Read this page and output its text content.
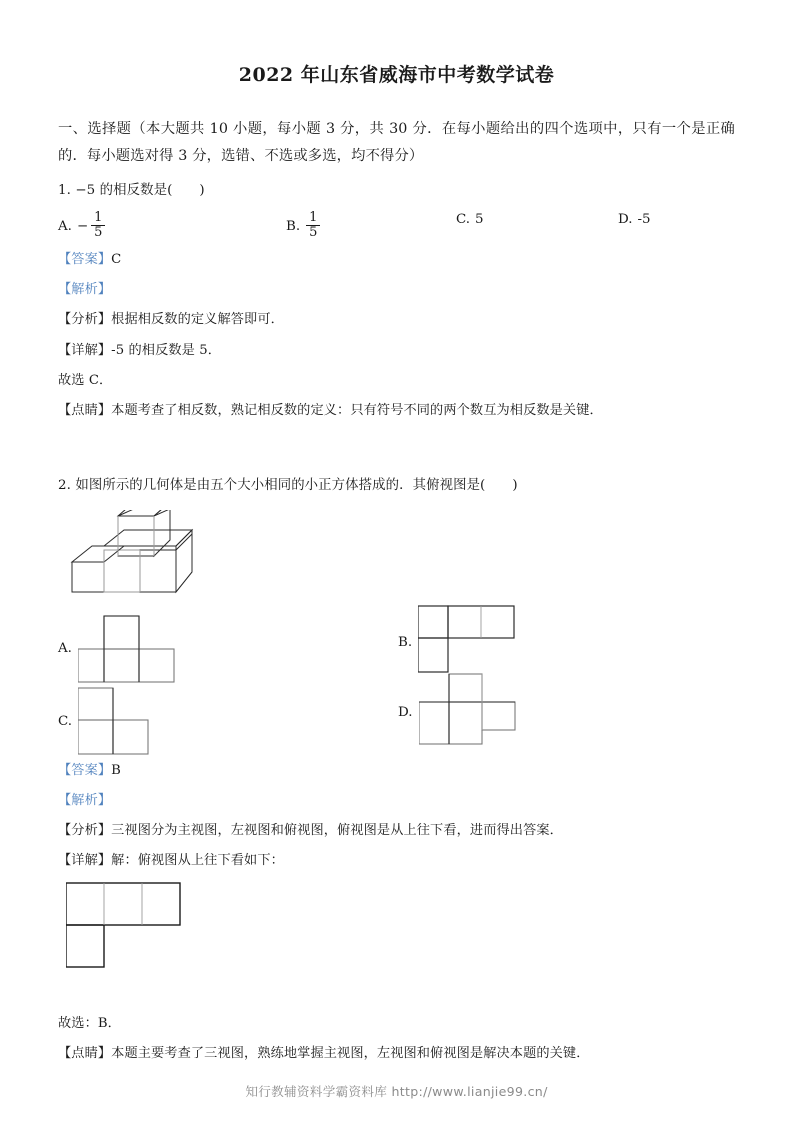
2022 年山东省威海市中考数学试卷

一、选择题（本大题共 10 小题，每小题 3 分，共 30 分．在每小题给出的四个选项中，只有一个是正确的．每小题选对得 3 分，选错、不选或多选，均不得分）

1. −5 的相反数是(　　)

A. − $\frac{1}{5}$	B. $\frac{1}{5}$	C. 5	D. -5

【答案】C

【解析】

【分析】根据相反数的定义解答即可．

【详解】-5 的相反数是 5．

故选 C．

【点睛】本题考查了相反数，熟记相反数的定义：只有符号不同的两个数互为相反数是关键．

2. 如图所示的几何体是由五个大小相同的小正方体搭成的．其俯视图是(　　)

A.	B.
C.
D.

【答案】B

【解析】

【分析】三视图分为主视图，左视图和俯视图，俯视图是从上往下看，进而得出答案．

【详解】解：俯视图从上往下看如下：

故选：B．

【点睛】本题主要考查了三视图，熟练地掌握主视图，左视图和俯视图是解决本题的关键．

知行教辅资料学霸资料库 http://www.lianjie99.cn/
